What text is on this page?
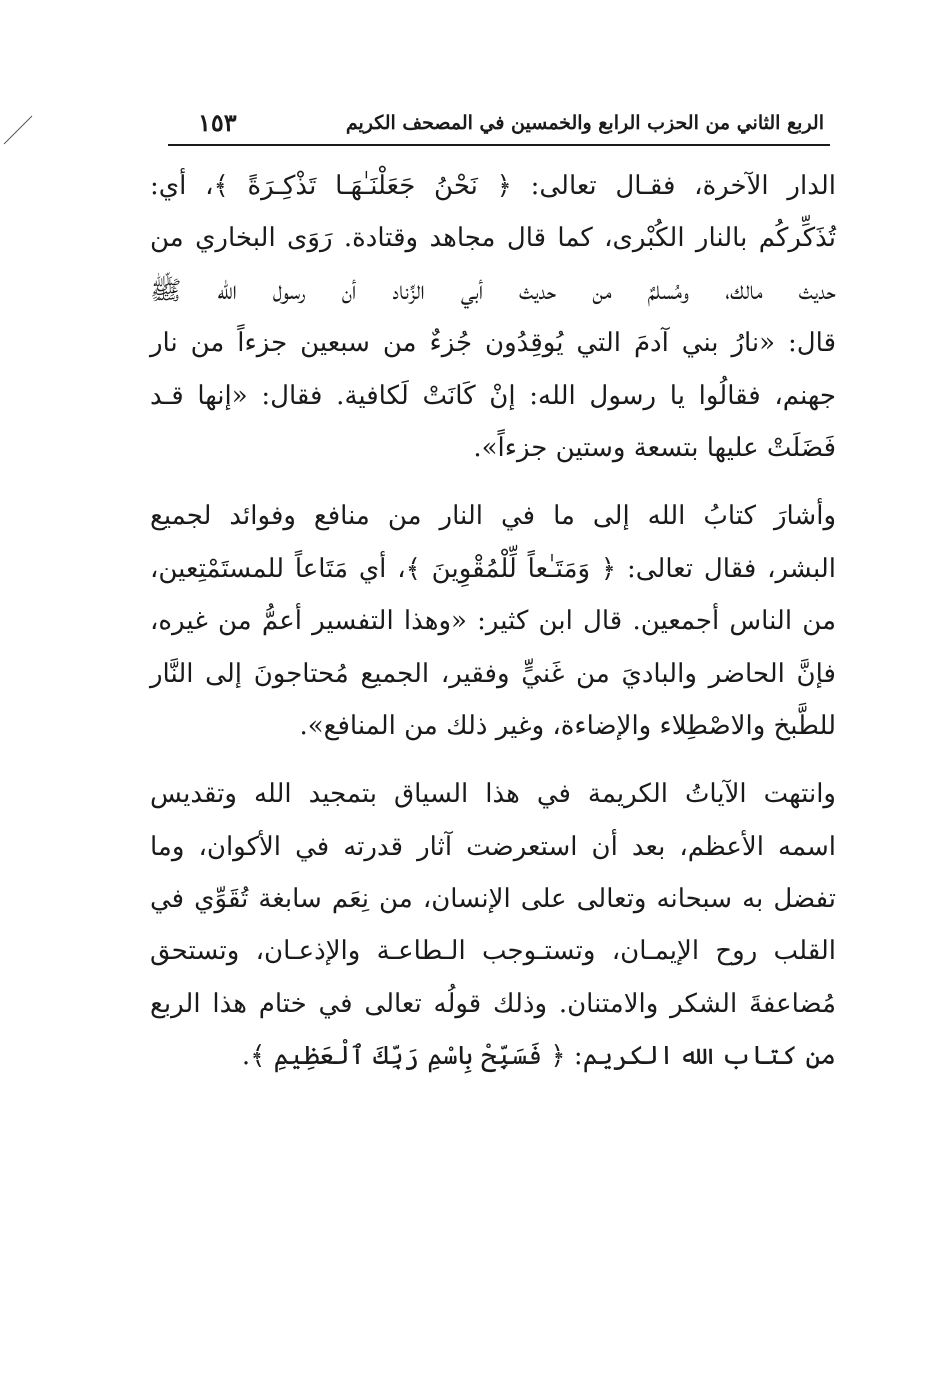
الربع الثاني من الحزب الرابع والخمسين في المصحف الكريم
١٥٣
الدار الآخرة، فقـال تعالى: ﴿ نَحْنُ جَعَلْنَـٰهَـا تَذْكِـرَةً ﴾، أي:
تُذَكِّركُم بالنار الكُبْرى، كما قال مجاهد وقتادة. رَوَى البخاري من
حديث مالك، ومُسلمٌ من حديث أبي الزِّناد أن رسول الله ﷺ
قال: «نارُ بني آدمَ التي يُوقِدُون جُزءٌ من سبعين جزءاً من نار
جهنم، فقالُوا يا رسول الله: إنْ كَانَتْ لَكافية. فقال: «إنها قـد
فَضَلَتْ عليها بتسعة وستين جزءاً».
وأشارَ كتابُ الله إلى ما في النار من منافع وفوائد لجميع
البشر، فقال تعالى: ﴿ وَمَتَـٰعاً لِّلْمُقْوِينَ ﴾، أي مَتَاعاً للمستَمْتِعين،
من الناس أجمعين. قال ابن كثير: «وهذا التفسير أعمُّ من غيره،
فإنَّ الحاضر والباديَ من غَنيٍّ وفقير، الجميع مُحتاجونَ إلى النَّار
للطَّبخ والاصْطِلاء والإضاءة، وغير ذلك من المنافع».
وانتهت الآياتُ الكريمة في هذا السياق بتمجيد الله وتقديس
اسمه الأعظم، بعد أن استعرضت آثار قدرته في الأكوان، وما
تفضل به سبحانه وتعالى على الإنسان، من نِعَم سابغة تُقَوِّي في
القلب روح الإيمـان، وتستـوجب الـطاعـة والإذعـان، وتستحق
مُضاعفةَ الشكر والامتنان. وذلك قولُه تعالى في ختام هذا الربع
من كتاب الله الكريم: ﴿ فَسَبِّحْ بِاسْمِ رَبِّكَ ٱلْعَظِيمِ ﴾.
